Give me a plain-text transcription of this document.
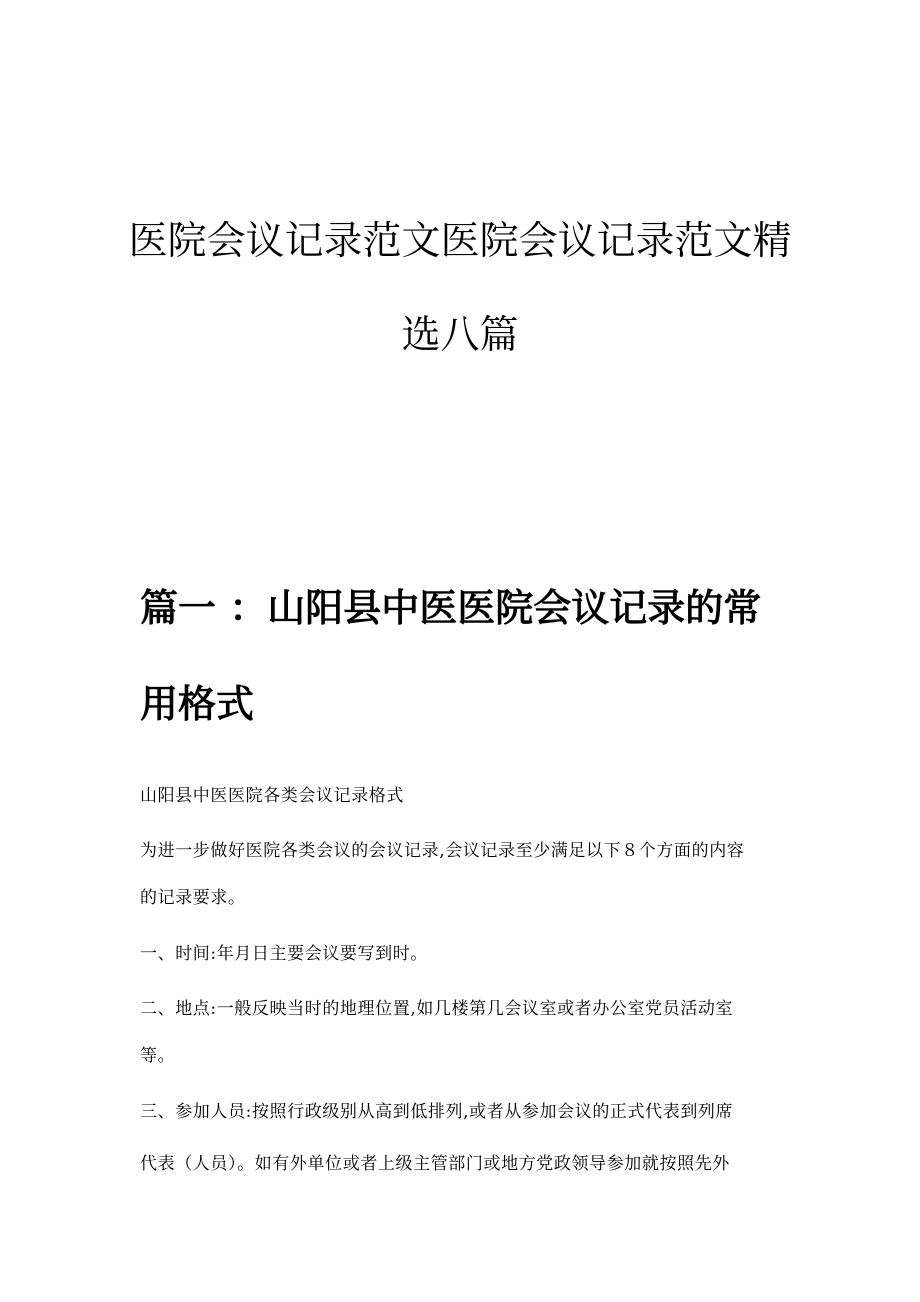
医院会议记录范文医院会议记录范文精
选八篇
篇一 ：山阳县中医医院会议记录的常
用格式
山阳县中医医院各类会议记录格式
为进一步做好医院各类会议的会议记录,会议记录至少满足以下８个方面的内容
的记录要求。
一、时间:年月日主要会议要写到时。
二、地点:一般反映当时的地理位置,如几楼第几会议室或者办公室党员活动室
等。
三、参加人员:按照行政级别从高到低排列,或者从参加会议的正式代表到列席
代表（人员）。如有外单位或者上级主管部门或地方党政领导参加就按照先外
